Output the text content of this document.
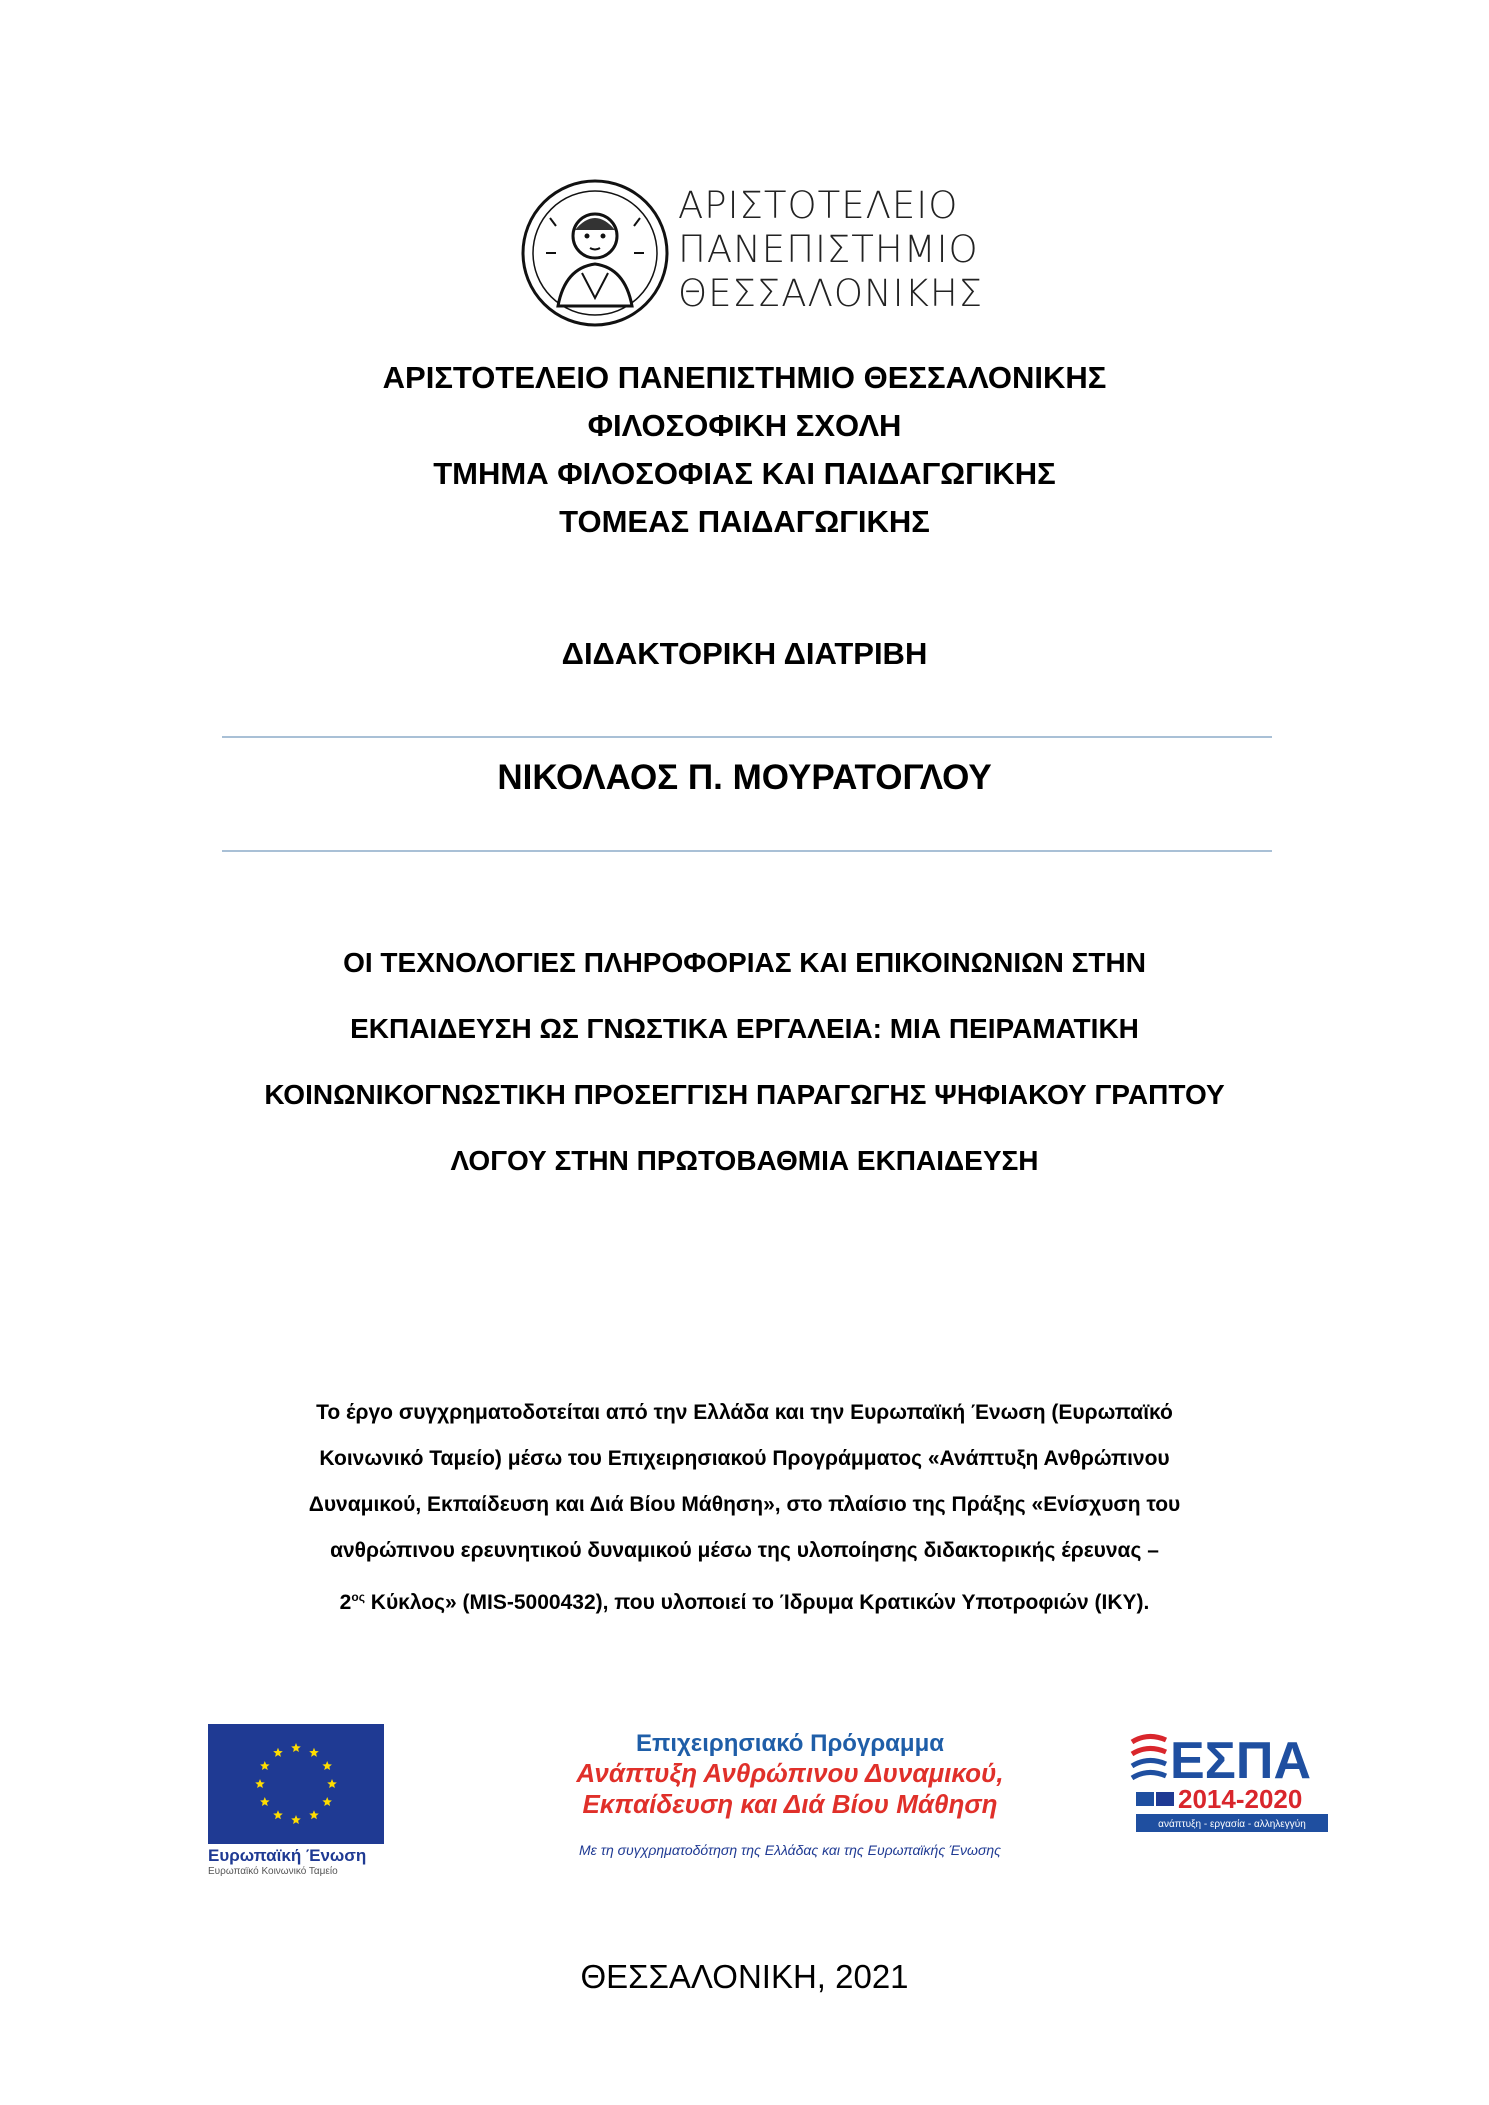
ΑΡΙΣΤΟΤΕΛΕΙΟ
ΠΑΝΕΠΙΣΤΗΜΙΟ
ΘΕΣΣΑΛΟΝΙΚΗΣ
ΑΡΙΣΤΟΤΕΛΕΙΟ ΠΑΝΕΠΙΣΤΗΜΙΟ ΘΕΣΣΑΛΟΝΙΚΗΣ
ΦΙΛΟΣΟΦΙΚΗ ΣΧΟΛΗ
ΤΜΗΜΑ ΦΙΛΟΣΟΦΙΑΣ ΚΑΙ ΠΑΙΔΑΓΩΓΙΚΗΣ
ΤΟΜΕΑΣ ΠΑΙΔΑΓΩΓΙΚΗΣ
ΔΙΔΑΚΤΟΡΙΚΗ ΔΙΑΤΡΙΒΗ
ΝΙΚΟΛΑΟΣ Π. ΜΟΥΡΑΤΟΓΛΟΥ
ΟΙ ΤΕΧΝΟΛΟΓΙΕΣ ΠΛΗΡΟΦΟΡΙΑΣ ΚΑΙ ΕΠΙΚΟΙΝΩΝΙΩΝ ΣΤΗΝ
ΕΚΠΑΙΔΕΥΣΗ ΩΣ ΓΝΩΣΤΙΚΑ ΕΡΓΑΛΕΙΑ: ΜΙΑ ΠΕΙΡΑΜΑΤΙΚΗ
ΚΟΙΝΩΝΙΚΟΓΝΩΣΤΙΚΗ ΠΡΟΣΕΓΓΙΣΗ ΠΑΡΑΓΩΓΗΣ ΨΗΦΙΑΚΟΥ ΓΡΑΠΤΟΥ
ΛΟΓΟΥ ΣΤΗΝ ΠΡΩΤΟΒΑΘΜΙΑ ΕΚΠΑΙΔΕΥΣΗ
Το έργο συγχρηματοδοτείται από την Ελλάδα και την Ευρωπαϊκή Ένωση (Ευρωπαϊκό
Κοινωνικό Ταμείο) μέσω του Επιχειρησιακού Προγράμματος «Ανάπτυξη Ανθρώπινου
Δυναμικού, Εκπαίδευση και Διά Βίου Μάθηση», στο πλαίσιο της Πράξης «Ενίσχυση του
ανθρώπινου ερευνητικού δυναμικού μέσω της υλοποίησης διδακτορικής έρευνας –
$2^{o\varsigma}$ Κύκλος» (MIS-5000432), που υλοποιεί το Ίδρυμα Κρατικών Υποτροφιών (ΙΚΥ).
Ευρωπαϊκή Ένωση
Ευρωπαϊκό Κοινωνικό Ταμείο
Επιχειρησιακό Πρόγραμμα
Ανάπτυξη Ανθρώπινου Δυναμικού,
Εκπαίδευση και Διά Βίου Μάθηση
Με τη συγχρηματοδότηση της Ελλάδας και της Ευρωπαϊκής Ένωσης
ΕΣΠΑ
2014-2020
ανάπτυξη - εργασία - αλληλεγγύη
ΘΕΣΣΑΛΟΝΙΚΗ, 2021
